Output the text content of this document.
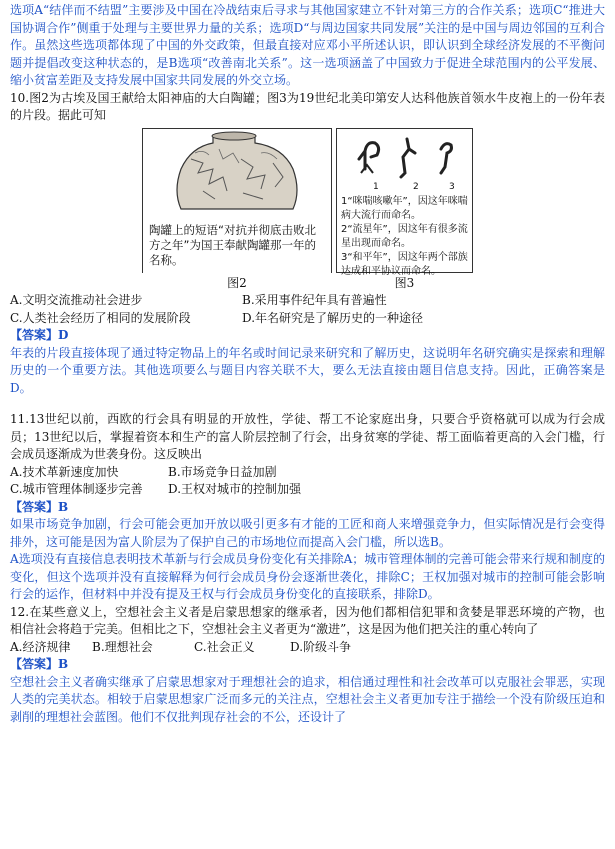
选项A“结伴而不结盟”主要涉及中国在冷战结束后寻求与其他国家建立不针对第三方的合作关系；选项C“推进大国协调合作”侧重于处理与主要世界力量的关系；选项D“与周边国家共同发展”关注的是中国与周边邻国的互利合作。虽然这些选项都体现了中国的外交政策，但最直接对应邓小平所述认识，即认识到全球经济发展的不平衡问题并提倡改变这种状态的，是B选项“改善南北关系”。这一选项涵盖了中国致力于促进全球范围内的公平发展、缩小贫富差距及支持发展中国家共同发展的外交立场。

10.图2为古埃及国王献给太阳神庙的大白陶罐；图3为19世纪北美印第安人达科他族首领水牛皮袍上的一份年表的片段。据此可知

陶罐上的短语“对抗并彻底击败北方之年”为国王奉献陶罐那一年的名称。
1	2	3
1“咪喘咳嗽年”，因这年咪喘病大流行而命名。
2“流星年”，因这年有很多流星出现而命名。
3“和平年”，因这年两个部族达成和平协议而命名。
图2	图3
A.文明交流推动社会进步	B.采用事件纪年具有普遍性
C.人类社会经历了相同的发展阶段	D.年名研究是了解历史的一种途径

【答案】D

年表的片段直接体现了通过特定物品上的年名或时间记录来研究和了解历史，这说明年名研究确实是探索和理解历史的一个重要方法。其他选项要么与题目内容关联不大，要么无法直接由题目信息支持。因此，正确答案是D。

11.13世纪以前，西欧的行会具有明显的开放性，学徒、帮工不论家庭出身，只要合乎资格就可以成为行会成员；13世纪以后，掌握着资本和生产的富人阶层控制了行会，出身贫寒的学徒、帮工面临着更高的入会门槛，行会成员逐渐成为世袭身份。这反映出

A.技术革新速度加快	B.市场竞争日益加剧
C.城市管理体制逐步完善 D.王权对城市的控制加强

【答案】B

如果市场竞争加剧，行会可能会更加开放以吸引更多有才能的工匠和商人来增强竞争力，但实际情况是行会变得排外，这可能是因为富人阶层为了保护自己的市场地位而提高入会门槛，所以选B。

A选项没有直接信息表明技术革新与行会成员身份变化有关排除A；城市管理体制的完善可能会带来行规和制度的变化，但这个选项并没有直接解释为何行会成员身份会逐渐世袭化，排除C；王权加强对城市的控制可能会影响行会的运作，但材料中并没有提及王权与行会成员身份变化的直接联系，排除D。

12.在某些意义上，空想社会主义者是启蒙思想家的继承者，因为他们都相信犯罪和贪婪是罪恶环境的产物，也相信社会将趋于完美。但相比之下，空想社会主义者更为“激进”，这是因为他们把关注的重心转向了

A.经济规律 B.理想社会	C.社会正义	D.阶级斗争

【答案】B

空想社会主义者确实继承了启蒙思想家对于理想社会的追求，相信通过理性和社会改革可以克服社会罪恶，实现人类的完美状态。相较于启蒙思想家广泛而多元的关注点，空想社会主义者更加专注于描绘一个没有阶级压迫和剥削的理想社会蓝图。他们不仅批判现存社会的不公，还设计了
